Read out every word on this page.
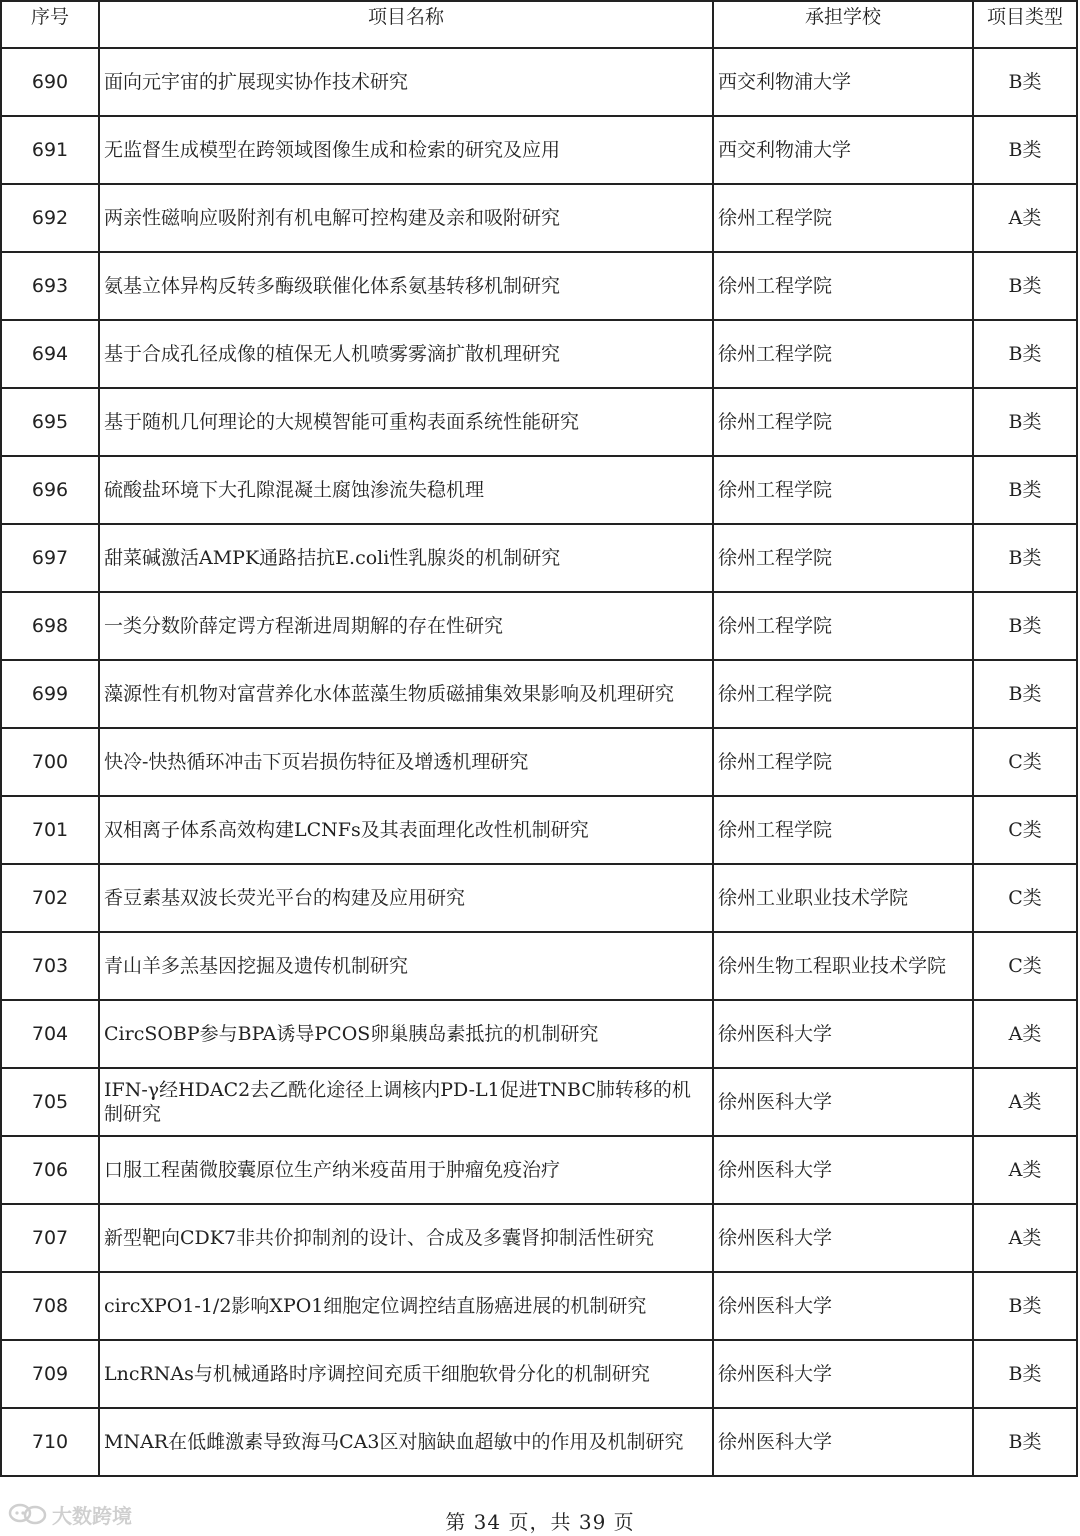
序号	项目名称	承担学校	项目类型
690	面向元宇宙的扩展现实协作技术研究	西交利物浦大学	B类
691	无监督生成模型在跨领域图像生成和检索的研究及应用	西交利物浦大学	B类
692	两亲性磁响应吸附剂有机电解可控构建及亲和吸附研究	徐州工程学院	A类
693	氨基立体异构反转多酶级联催化体系氨基转移机制研究	徐州工程学院	B类
694	基于合成孔径成像的植保无人机喷雾雾滴扩散机理研究	徐州工程学院	B类
695	基于随机几何理论的大规模智能可重构表面系统性能研究	徐州工程学院	B类
696	硫酸盐环境下大孔隙混凝土腐蚀渗流失稳机理	徐州工程学院	B类
697	甜菜碱激活AMPK通路拮抗E.coli性乳腺炎的机制研究	徐州工程学院	B类
698	一类分数阶薛定谔方程渐进周期解的存在性研究	徐州工程学院	B类
699	藻源性有机物对富营养化水体蓝藻生物质磁捕集效果影响及机理研究	徐州工程学院	B类
700	快冷-快热循环冲击下页岩损伤特征及增透机理研究	徐州工程学院	C类
701	双相离子体系高效构建LCNFs及其表面理化改性机制研究	徐州工程学院	C类
702	香豆素基双波长荧光平台的构建及应用研究	徐州工业职业技术学院	C类
703	青山羊多羔基因挖掘及遗传机制研究	徐州生物工程职业技术学院	C类
704	CircSOBP参与BPA诱导PCOS卵巢胰岛素抵抗的机制研究	徐州医科大学	A类
705	IFN-γ经HDAC2去乙酰化途径上调核内PD-L1促进TNBC肺转移的机制研究	徐州医科大学	A类
706	口服工程菌微胶囊原位生产纳米疫苗用于肿瘤免疫治疗	徐州医科大学	A类
707	新型靶向CDK7非共价抑制剂的设计、合成及多囊肾抑制活性研究	徐州医科大学	A类
708	circXPO1-1/2影响XPO1细胞定位调控结直肠癌进展的机制研究	徐州医科大学	B类
709	LncRNAs与机械通路时序调控间充质干细胞软骨分化的机制研究	徐州医科大学	B类
710	MNAR在低雌激素导致海马CA3区对脑缺血超敏中的作用及机制研究	徐州医科大学	B类
大数跨境	第 34 页，共 39 页
